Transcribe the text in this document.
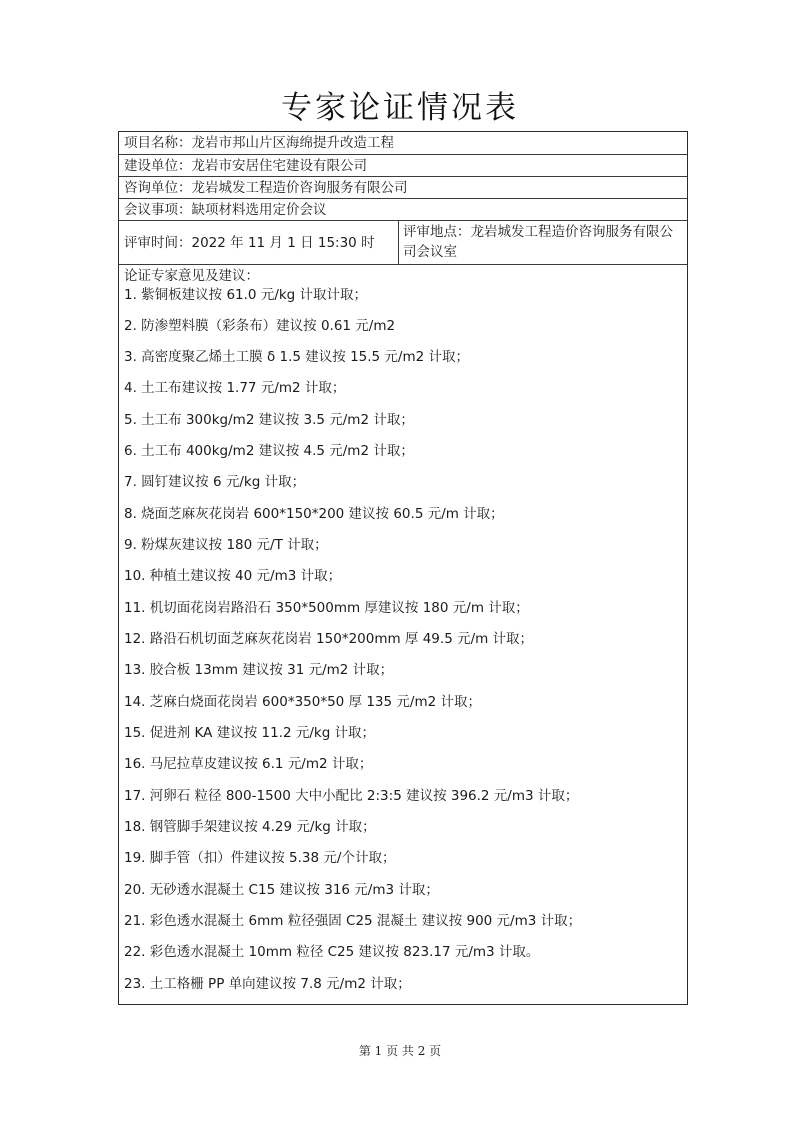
专家论证情况表
项目名称：龙岩市邦山片区海绵提升改造工程
建设单位：龙岩市安居住宅建设有限公司
咨询单位：龙岩城发工程造价咨询服务有限公司
会议事项：缺项材料选用定价会议
评审时间：2022 年 11 月 1 日 15:30 时
评审地点：龙岩城发工程造价咨询服务有限公司会议室
论证专家意见及建议：
1. 紫铜板建议按 61.0 元/kg 计取计取；
2. 防渗塑料膜（彩条布）建议按 0.61 元/m2
3. 高密度聚乙烯土工膜 δ 1.5 建议按 15.5 元/m2 计取；
4. 土工布建议按 1.77 元/m2 计取；
5. 土工布 300kg/m2 建议按 3.5 元/m2 计取；
6. 土工布 400kg/m2 建议按 4.5 元/m2 计取；
7. 圆钉建议按 6 元/kg 计取；
8. 烧面芝麻灰花岗岩 600*150*200 建议按 60.5 元/m 计取；
9. 粉煤灰建议按 180 元/T 计取；
10. 种植土建议按 40 元/m3 计取；
11. 机切面花岗岩路沿石 350*500mm 厚建议按 180 元/m 计取；
12. 路沿石机切面芝麻灰花岗岩 150*200mm 厚 49.5 元/m 计取；
13. 胶合板 13mm 建议按 31 元/m2 计取；
14. 芝麻白烧面花岗岩 600*350*50 厚 135 元/m2 计取；
15. 促进剂 KA 建议按 11.2 元/kg 计取；
16. 马尼拉草皮建议按 6.1 元/m2 计取；
17. 河卵石 粒径 800-1500 大中小配比 2:3:5 建议按 396.2 元/m3 计取；
18. 钢管脚手架建议按 4.29 元/kg 计取；
19. 脚手管（扣）件建议按 5.38 元/个计取；
20. 无砂透水混凝土 C15 建议按 316 元/m3 计取；
21. 彩色透水混凝土 6mm 粒径强固 C25 混凝土 建议按 900 元/m3 计取；
22. 彩色透水混凝土 10mm 粒径 C25 建议按 823.17 元/m3 计取。
23. 土工格栅 PP 单向建议按 7.8 元/m2 计取；
第 1 页 共 2 页
